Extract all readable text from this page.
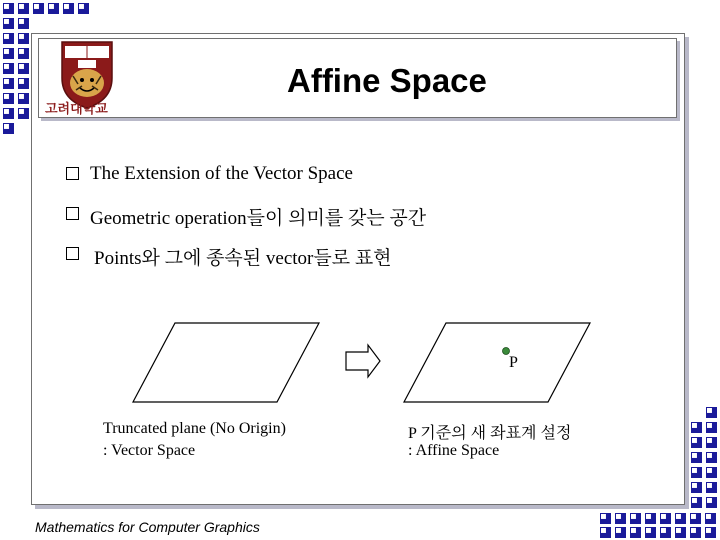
고려대학교
Affine Space
The Extension of the Vector Space
Geometric operation들이 의미를 갖는 공간
Points와 그에 종속된 vector들로 표현
P
Truncated plane (No Origin)
: Vector Space
P 기준의 새 좌표계 설정
: Affine Space
Mathematics for Computer Graphics
